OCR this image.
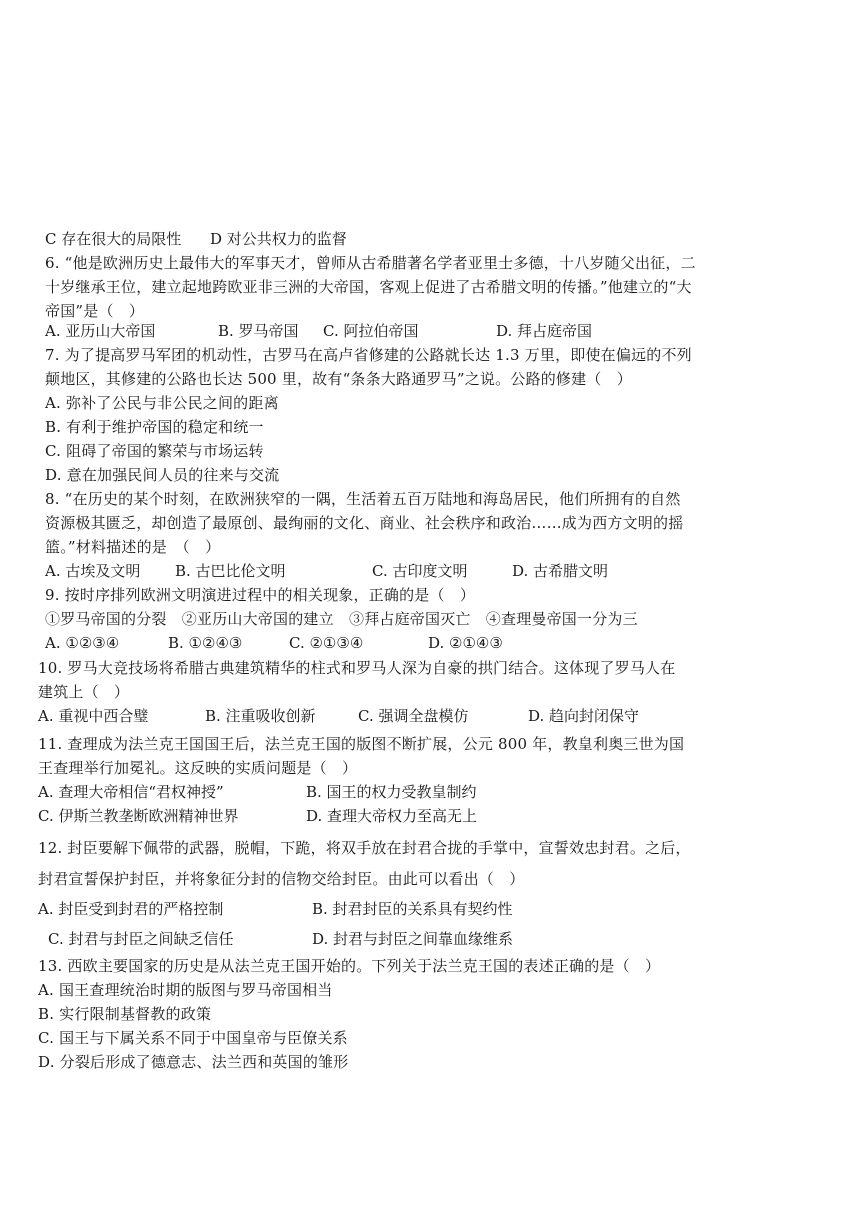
C 存在很大的局限性 D 对公共权力的监督
6. “他是欧洲历史上最伟大的军事天才，曾师从古希腊著名学者亚里士多德，十八岁随父出征，二
十岁继承王位，建立起地跨欧亚非三洲的大帝国，客观上促进了古希腊文明的传播。”他建立的“大
帝国”是（　）
A. 亚历山大帝国	B. 罗马帝国 C. 阿拉伯帝国	D. 拜占庭帝国
7. 为了提高罗马军团的机动性，古罗马在高卢省修建的公路就长达 1.3 万里，即使在偏远的不列
颠地区，其修建的公路也长达 500 里，故有“条条大路通罗马”之说。公路的修建（　）
A. 弥补了公民与非公民之间的距离
B. 有利于维护帝国的稳定和统一
C. 阻碍了帝国的繁荣与市场运转
D. 意在加强民间人员的往来与交流
8. “在历史的某个时刻，在欧洲狭窄的一隅，生活着五百万陆地和海岛居民，他们所拥有的自然
资源极其匮乏，却创造了最原创、最绚丽的文化、商业、社会秩序和政治……成为西方文明的摇
篮。”材料描述的是　（　）
A. 古埃及文明 B. 古巴比伦文明	C. 古印度文明	D. 古希腊文明
9. 按时序排列欧洲文明演进过程中的相关现象，正确的是（　）
①罗马帝国的分裂　②亚历山大帝国的建立　③拜占庭帝国灭亡　④查理曼帝国一分为三
A. ①②③④	B. ①②④③	C. ②①③④	D. ②①④③
10. 罗马大竞技场将希腊古典建筑精华的柱式和罗马人深为自豪的拱门结合。这体现了罗马人在
建筑上（　）
A. 重视中西合璧	B. 注重吸收创新	C. 强调全盘模仿	D. 趋向封闭保守
11. 查理成为法兰克王国国王后，法兰克王国的版图不断扩展，公元 800 年，教皇利奥三世为国
王查理举行加冕礼。这反映的实质问题是（　）
A. 查理大帝相信“君权神授”	B. 国王的权力受教皇制约
C. 伊斯兰教垄断欧洲精神世界	D. 查理大帝权力至高无上
12. 封臣要解下佩带的武器，脱帽，下跪，将双手放在封君合拢的手掌中，宣誓效忠封君。之后，
封君宣誓保护封臣，并将象征分封的信物交给封臣。由此可以看出（　）
A. 封臣受到封君的严格控制	B. 封君封臣的关系具有契约性
C. 封君与封臣之间缺乏信任	D. 封君与封臣之间靠血缘维系
13. 西欧主要国家的历史是从法兰克王国开始的。下列关于法兰克王国的表述正确的是（　）
A. 国王查理统治时期的版图与罗马帝国相当
B. 实行限制基督教的政策
C. 国王与下属关系不同于中国皇帝与臣僚关系
D. 分裂后形成了德意志、法兰西和英国的雏形
